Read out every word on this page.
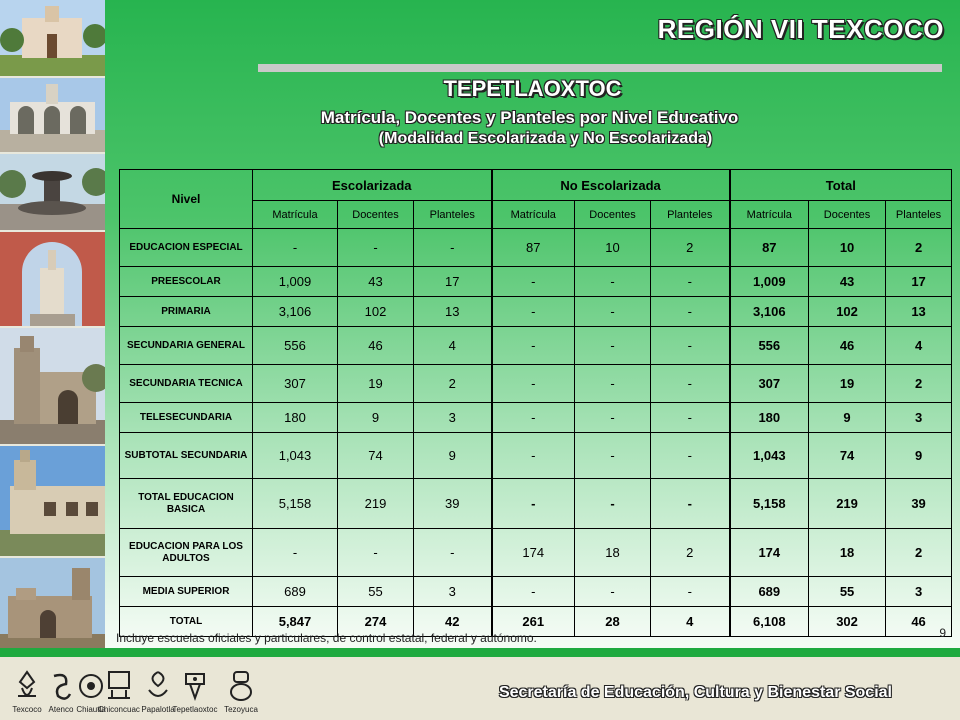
REGIÓN VII TEXCOCO
TEPETLAOXTOC
Matrícula, Docentes y Planteles por Nivel Educativo
(Modalidad Escolarizada y No Escolarizada)
Nivel	Escolarizada			No Escolarizada			Total		
	Matrícula	Docentes	Planteles	Matrícula	Docentes	Planteles	Matrícula	Docentes	Planteles
EDUCACION ESPECIAL	-	-	-	87	10	2	87	10	2
PREESCOLAR	1,009	43	17	-	-	-	1,009	43	17
PRIMARIA	3,106	102	13	-	-	-	3,106	102	13
SECUNDARIA GENERAL	556	46	4	-	-	-	556	46	4
SECUNDARIA TECNICA	307	19	2	-	-	-	307	19	2
TELESECUNDARIA	180	9	3	-	-	-	180	9	3
SUBTOTAL SECUNDARIA	1,043	74	9	-	-	-	1,043	74	9
TOTAL EDUCACION BASICA	5,158	219	39	-	-	-	5,158	219	39
EDUCACION PARA LOS ADULTOS	-	-	-	174	18	2	174	18	2
MEDIA SUPERIOR	689	55	3	-	-	-	689	55	3
TOTAL	5,847	274	42	261	28	4	6,108	302	46
Incluye escuelas oficiales y particulares, de control estatal, federal y autónomo.	9
Texcoco Atenco Chiautla
Chiconcuac Papalotla
Tepetlaoxtoc Tezoyuca
Secretaría de Educación, Cultura y Bienestar Social
